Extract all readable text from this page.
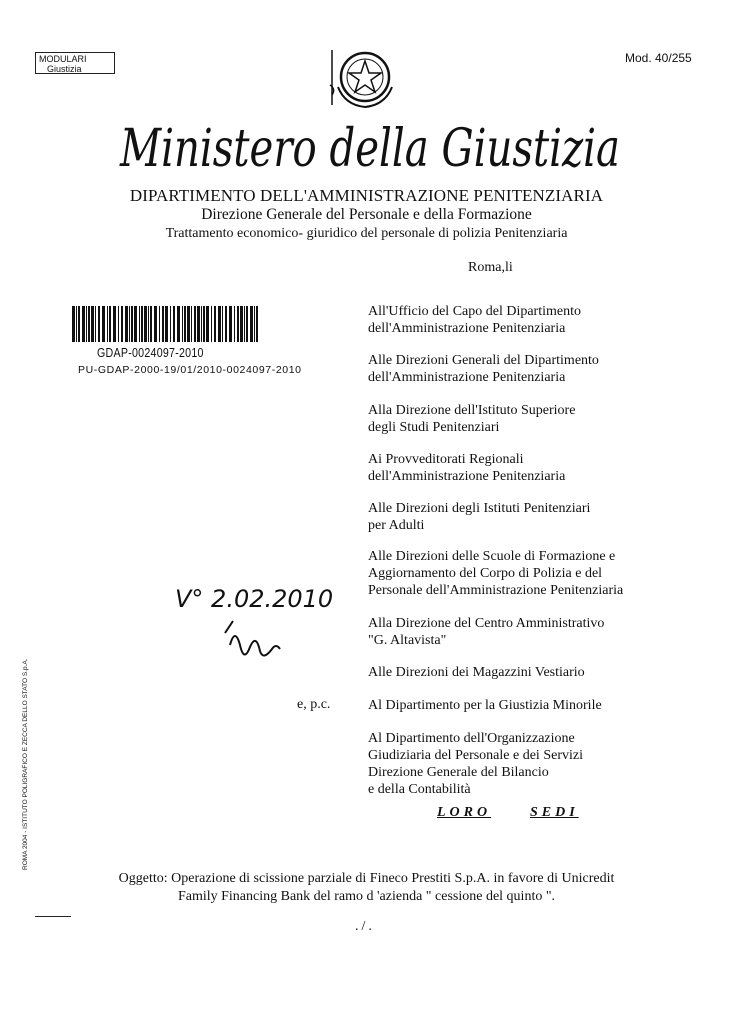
MODULARI
Giustizia
Mod. 40/255
Ministero della Giustizia
DIPARTIMENTO DELL'AMMINISTRAZIONE PENITENZIARIA
Direzione Generale del Personale e della Formazione
Trattamento economico- giuridico del personale di polizia Penitenziaria
Roma,li
GDAP-0024097-2010
PU-GDAP-2000-19/01/2010-0024097-2010
All'Ufficio del Capo del Dipartimento
dell'Amministrazione Penitenziaria
Alle Direzioni Generali del Dipartimento
dell'Amministrazione Penitenziaria
Alla Direzione dell'Istituto Superiore
degli Studi Penitenziari
Ai Provveditorati Regionali
dell'Amministrazione Penitenziaria
Alle Direzioni degli Istituti Penitenziari
per Adulti
Alle Direzioni delle Scuole di Formazione e
Aggiornamento del Corpo di Polizia e del
Personale dell'Amministrazione Penitenziaria
Alla Direzione del Centro Amministrativo
"G. Altavista"
Alle Direzioni dei Magazzini Vestiario
e, p.c.	Al Dipartimento per la Giustizia Minorile
Al Dipartimento dell'Organizzazione
Giudiziaria del Personale e dei Servizi
Direzione Generale del Bilancio
e della Contabilità
LORO	SEDI
V° 2.02.2010
Oggetto: Operazione di scissione parziale di Fineco Prestiti S.p.A. in favore di Unicredit
Family Financing Bank del ramo d 'azienda " cessione del quinto ".
./.
ROMA 2004 - ISTITUTO POLIGRAFICO E ZECCA DELLO STATO S.p.A.
